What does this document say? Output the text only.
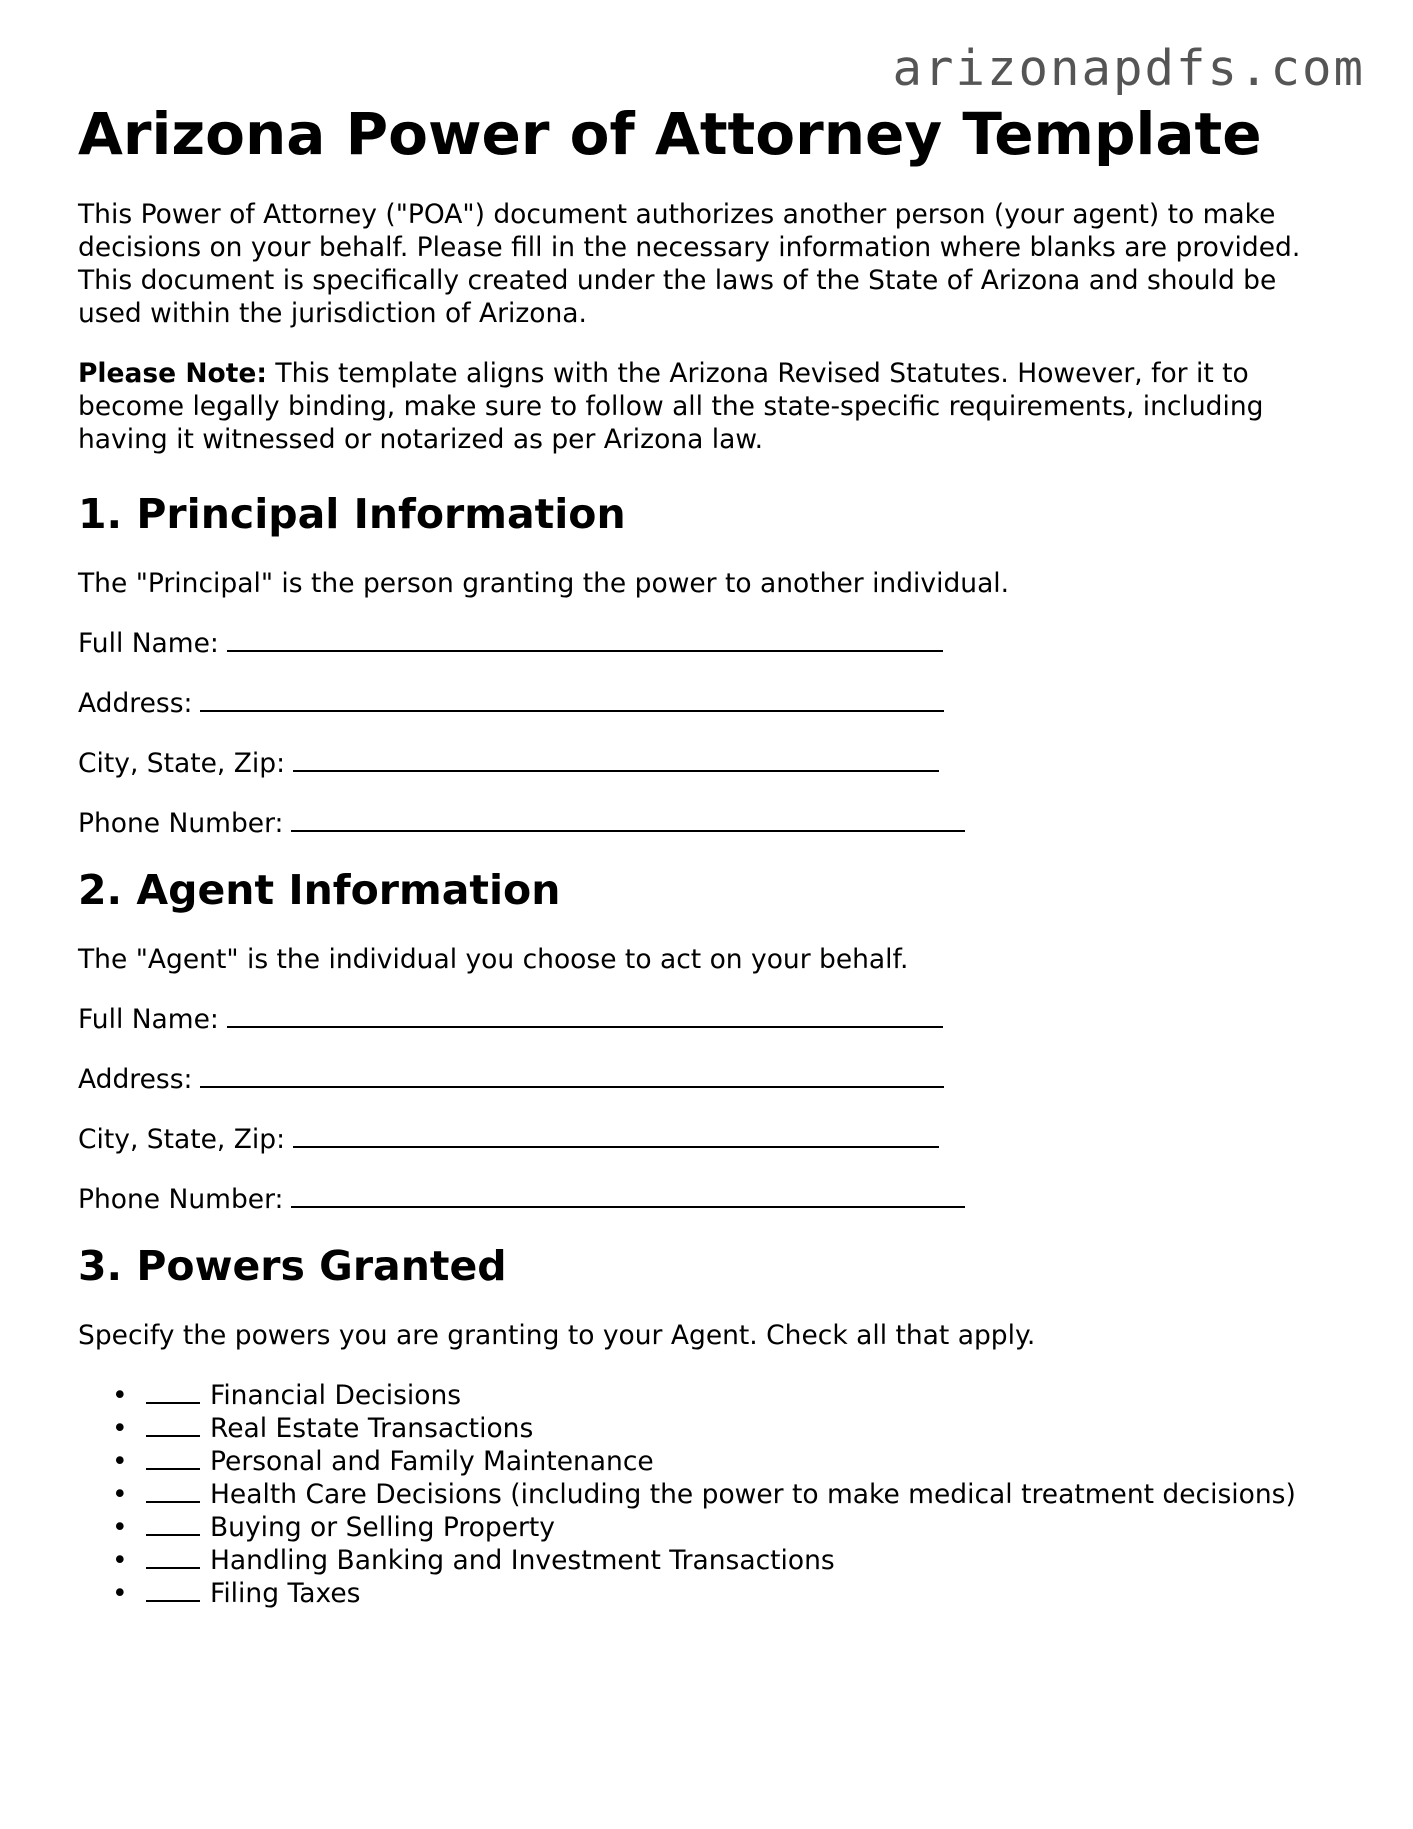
arizonapdfs.com
Arizona Power of Attorney Template

This Power of Attorney ("POA") document authorizes another person (your agent) to make decisions on your behalf. Please fill in the necessary information where blanks are provided. This document is specifically created under the laws of the State of Arizona and should be used within the jurisdiction of Arizona.

Please Note: This template aligns with the Arizona Revised Statutes. However, for it to become legally binding, make sure to follow all the state-specific requirements, including having it witnessed or notarized as per Arizona law.

1. Principal Information

The "Principal" is the person granting the power to another individual.

Full Name:
Address:
City, State, Zip:
Phone Number:
2. Agent Information

The "Agent" is the individual you choose to act on your behalf.

Full Name:
Address:
City, State, Zip:
Phone Number:
3. Powers Granted

Specify the powers you are granting to your Agent. Check all that apply.

•	Financial Decisions
•	Real Estate Transactions
•	Personal and Family Maintenance
•	Health Care Decisions (including the power to make medical treatment decisions)
•	Buying or Selling Property
•	Handling Banking and Investment Transactions
•	Filing Taxes
